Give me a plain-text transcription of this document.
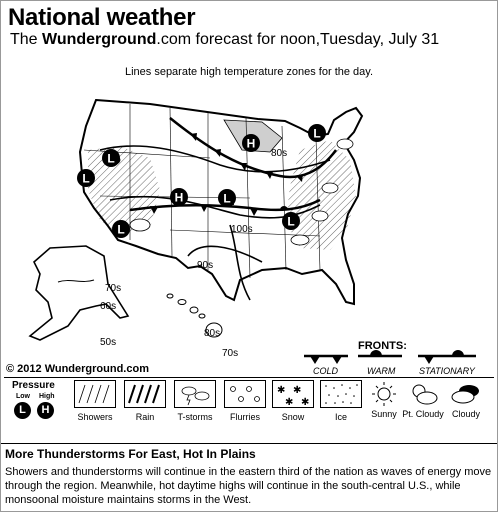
National weather
The Wunderground.com forecast for noon,Tuesday, July 31
Lines separate high temperature zones for the day.
80s
100s
90s
70s
60s
50s
80s
70s
H
H
L
L
L
L
L
L
© 2012 Wunderground.com
FRONTS:
COLD	WARM	STATIONARY
Pressure
Low High
L	H
Showers	Rain	T-storms	Flurries
✱ ✱
✱ ✱
Snow	Ice	Sunny Pt. Cloudy Cloudy
More Thunderstorms For East, Hot In Plains
Showers and thunderstorms will continue in the eastern third of the nation as waves of energy move through the region. Meanwhile, hot daytime highs will continue in the south-central U.S., while monsoonal moisture maintains storms in the West.
